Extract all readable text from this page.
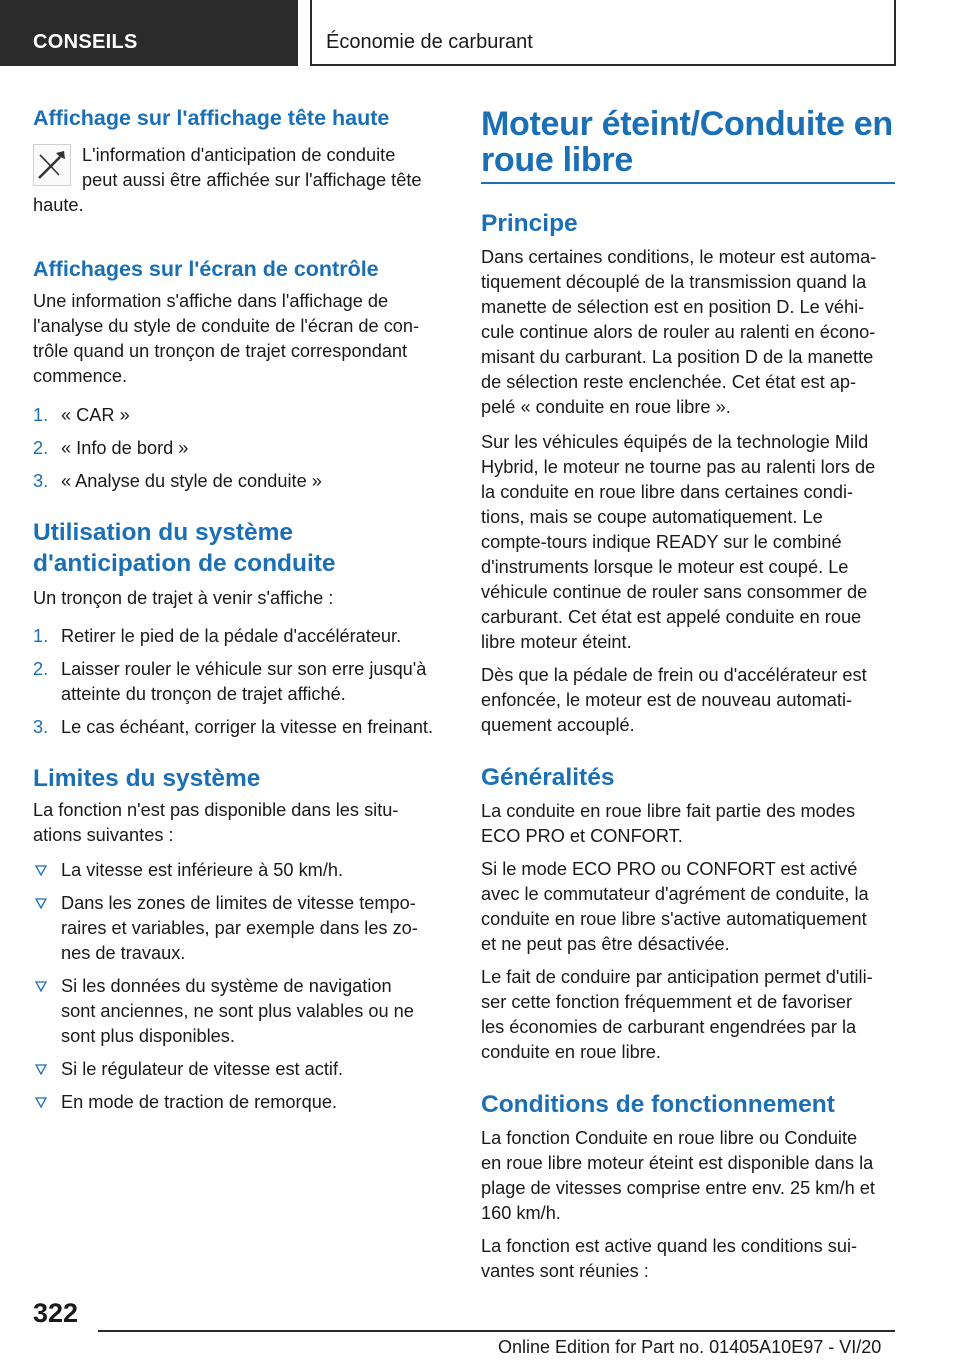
CONSEILS	Économie de carburant
Affichage sur l'affichage tête haute
L'information d'anticipation de conduite
peut aussi être affichée sur l'affichage tête
haute.
Affichages sur l'écran de contrôle
Une information s'affiche dans l'affichage de
l'analyse du style de conduite de l'écran de con‐
trôle quand un tronçon de trajet correspondant
commence.
1. « CAR »
2. « Info de bord »
3. « Analyse du style de conduite »
Utilisation du système
d'anticipation de conduite
Un tronçon de trajet à venir s'affiche :
1. Retirer le pied de la pédale d'accélérateur.
2. Laisser rouler le véhicule sur son erre jusqu'à
atteinte du tronçon de trajet affiché.
3. Le cas échéant, corriger la vitesse en freinant.
Limites du système
La fonction n'est pas disponible dans les situ‐
ations suivantes :
La vitesse est inférieure à 50 km/h.
Dans les zones de limites de vitesse tempo‐
raires et variables, par exemple dans les zo‐
nes de travaux.
Si les données du système de navigation
sont anciennes, ne sont plus valables ou ne
sont plus disponibles.
Si le régulateur de vitesse est actif.
En mode de traction de remorque.
Moteur éteint/Conduite en
roue libre
Principe
Dans certaines conditions, le moteur est automa‐
tiquement découplé de la transmission quand la
manette de sélection est en position D. Le véhi‐
cule continue alors de rouler au ralenti en écono‐
misant du carburant. La position D de la manette
de sélection reste enclenchée. Cet état est ap‐
pelé « conduite en roue libre ».
Sur les véhicules équipés de la technologie Mild
Hybrid, le moteur ne tourne pas au ralenti lors de
la conduite en roue libre dans certaines condi‐
tions, mais se coupe automatiquement. Le
compte-tours indique READY sur le combiné
d'instruments lorsque le moteur est coupé. Le
véhicule continue de rouler sans consommer de
carburant. Cet état est appelé conduite en roue
libre moteur éteint.
Dès que la pédale de frein ou d'accélérateur est
enfoncée, le moteur est de nouveau automati‐
quement accouplé.
Généralités
La conduite en roue libre fait partie des modes
ECO PRO et CONFORT.
Si le mode ECO PRO ou CONFORT est activé
avec le commutateur d'agrément de conduite, la
conduite en roue libre s'active automatiquement
et ne peut pas être désactivée.
Le fait de conduire par anticipation permet d'utili‐
ser cette fonction fréquemment et de favoriser
les économies de carburant engendrées par la
conduite en roue libre.
Conditions de fonctionnement
La fonction Conduite en roue libre ou Conduite
en roue libre moteur éteint est disponible dans la
plage de vitesses comprise entre env. 25 km/h et
160 km/h.
La fonction est active quand les conditions sui‐
vantes sont réunies :
322
Online Edition for Part no. 01405A10E97 - VI/20
